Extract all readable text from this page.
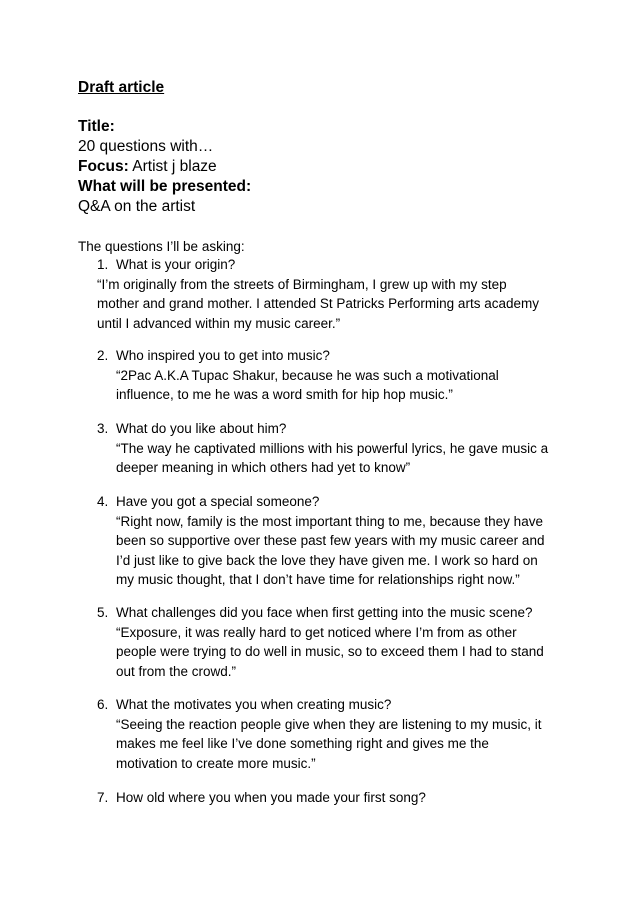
Draft article
Title:
20 questions with…
Focus: Artist j blaze
What will be presented:
Q&A on the artist
The questions I’ll be asking:
1. What is your origin?
“I’m originally from the streets of Birmingham, I grew up with my step
mother and grand mother. I attended St Patricks Performing arts academy
until I advanced within my music career.”
2. Who inspired you to get into music?
“2Pac A.K.A Tupac Shakur, because he was such a motivational
influence, to me he was a word smith for hip hop music.”
3. What do you like about him?
“The way he captivated millions with his powerful lyrics, he gave music a
deeper meaning in which others had yet to know”
4. Have you got a special someone?
“Right now, family is the most important thing to me, because they have
been so supportive over these past few years with my music career and
I’d just like to give back the love they have given me. I work so hard on
my music thought, that I don’t have time for relationships right now.”
5. What challenges did you face when first getting into the music scene?
“Exposure, it was really hard to get noticed where I’m from as other
people were trying to do well in music, so to exceed them I had to stand
out from the crowd.”
6. What the motivates you when creating music?
“Seeing the reaction people give when they are listening to my music, it
makes me feel like I’ve done something right and gives me the
motivation to create more music.”
7. How old where you when you made your first song?
